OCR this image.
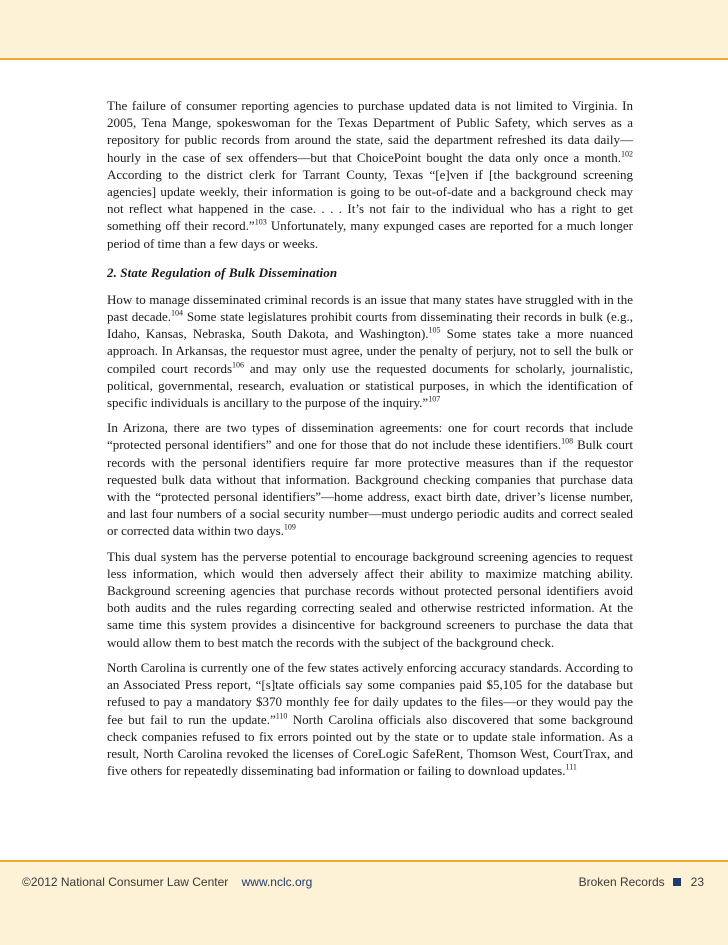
The failure of consumer reporting agencies to purchase updated data is not limited to Virginia. In 2005, Tena Mange, spokeswoman for the Texas Department of Public Safety, which serves as a repository for public records from around the state, said the department refreshed its data daily—hourly in the case of sex offenders—but that ChoicePoint bought the data only once a month.$^{102}$ According to the district clerk for Tarrant County, Texas “[e]ven if [the background screening agencies] update weekly, their information is going to be out-of-date and a background check may not reflect what happened in the case. . . . It’s not fair to the individual who has a right to get something off their record.”$^{103}$ Unfortunately, many expunged cases are reported for a much longer period of time than a few days or weeks.

2. State Regulation of Bulk Dissemination

How to manage disseminated criminal records is an issue that many states have struggled with in the past decade.$^{104}$ Some state legislatures prohibit courts from disseminating their records in bulk (e.g., Idaho, Kansas, Nebraska, South Dakota, and Washington).$^{105}$ Some states take a more nuanced approach. In Arkansas, the requestor must agree, under the penalty of perjury, not to sell the bulk or compiled court records$^{106}$ and may only use the requested documents for scholarly, journalistic, political, governmental, research, evaluation or statistical purposes, in which the identification of specific individuals is ancillary to the purpose of the inquiry.”$^{107}$

In Arizona, there are two types of dissemination agreements: one for court records that include “protected personal identifiers” and one for those that do not include these identifiers.$^{108}$ Bulk court records with the personal identifiers require far more protective measures than if the requestor requested bulk data without that information. Background checking companies that purchase data with the “protected personal identifiers”—home address, exact birth date, driver’s license number, and last four numbers of a social security number—must undergo periodic audits and correct sealed or corrected data within two days.$^{109}$

This dual system has the perverse potential to encourage background screening agencies to request less information, which would then adversely affect their ability to maximize matching ability. Background screening agencies that purchase records without protected personal identifiers avoid both audits and the rules regarding correcting sealed and otherwise restricted information. At the same time this system provides a disincentive for background screeners to purchase the data that would allow them to best match the records with the subject of the background check.

North Carolina is currently one of the few states actively enforcing accuracy standards. According to an Associated Press report, “[s]tate officials say some companies paid $5,105 for the database but refused to pay a mandatory $370 monthly fee for daily updates to the files—or they would pay the fee but fail to run the update.”$^{110}$ North Carolina officials also discovered that some background check companies refused to fix errors pointed out by the state or to update stale information. As a result, North Carolina revoked the licenses of CoreLogic SafeRent, Thomson West, CourtTrax, and five others for repeatedly disseminating bad information or failing to download updates.$^{111}$

©2012 National Consumer Law Center www.nclc.org	Broken Records 23
